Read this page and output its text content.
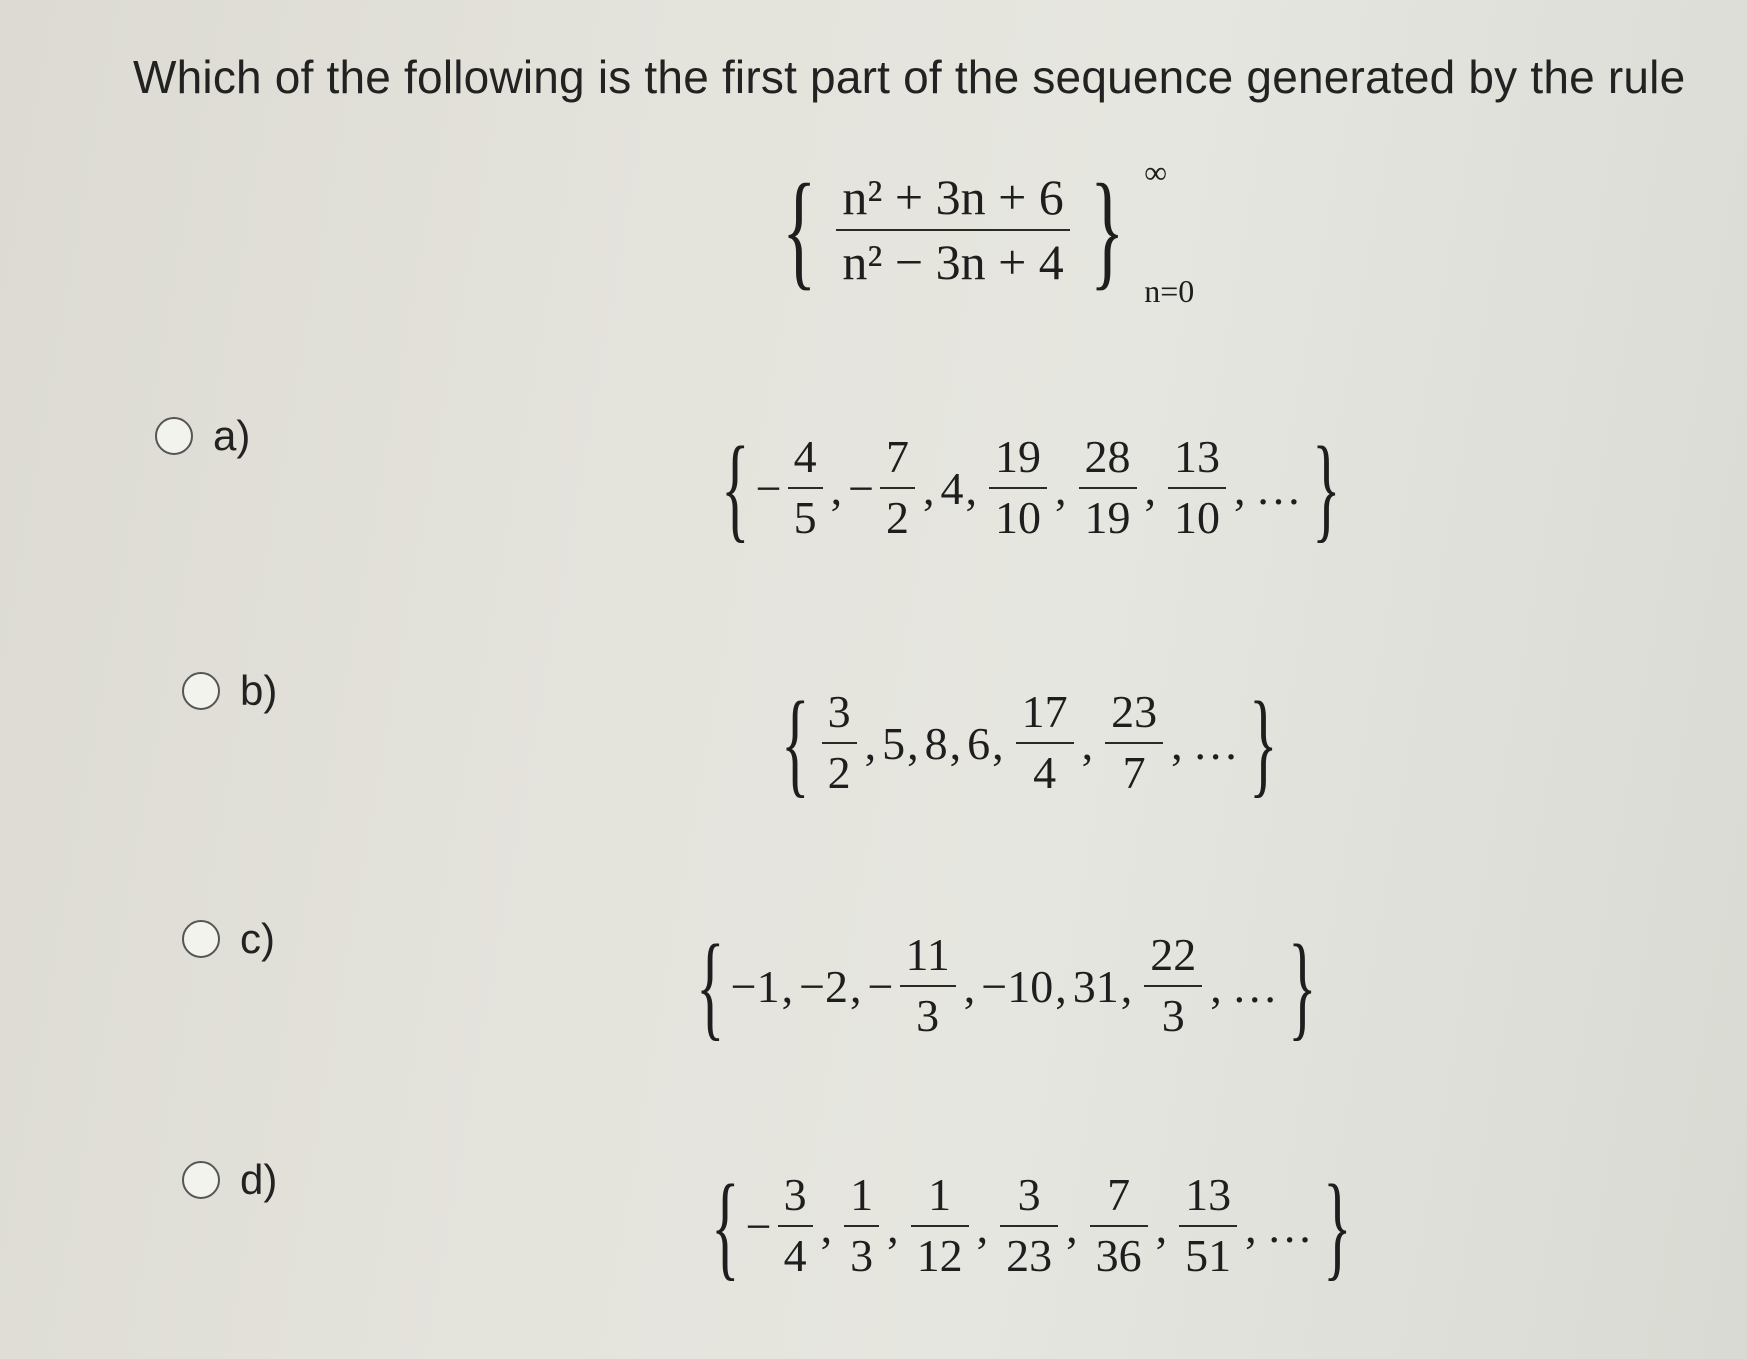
Which of the following is the first part of the sequence generated by the rule
{ $\frac{\text{n² + 3n + 6}}{\text{n² − 3n + 4}}$ } ∞
n=0
a)	{ − $\frac{4}{5}$ , − $\frac{7}{2}$ , 4 , $\frac{19}{10}$ , $\frac{28}{19}$ , $\frac{13}{10}$ , … }
b)	{ $\frac{3}{2}$ , 5 , 8 , 6 , $\frac{17}{4}$ , $\frac{23}{7}$ , … }
c)	{ −1 , −2 , − $\frac{11}{3}$ , −10 , 31 , $\frac{22}{3}$ , … }
d)	{ − $\frac{3}{4}$ , $\frac{1}{3}$ , $\frac{1}{12}$ , $\frac{3}{23}$ , $\frac{7}{36}$ , $\frac{13}{51}$ , … }
